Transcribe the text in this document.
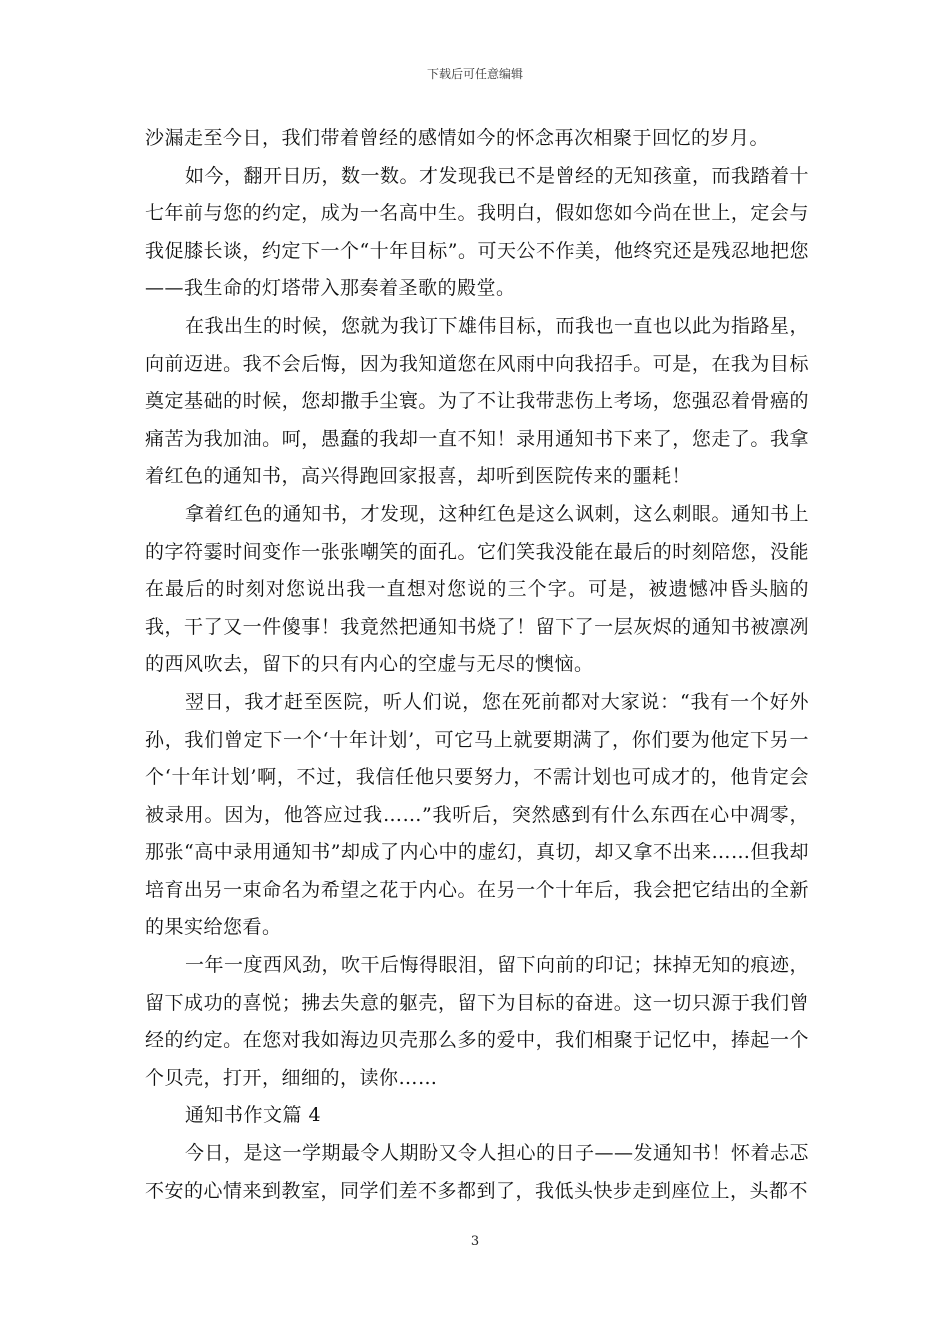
下载后可任意编辑

沙漏走至今日，我们带着曾经的感情如今的怀念再次相聚于回忆的岁月。

如今，翻开日历，数一数。才发现我已不是曾经的无知孩童，而我踏着十七年前与您的约定，成为一名高中生。我明白，假如您如今尚在世上，定会与我促膝长谈，约定下一个“十年目标”。可天公不作美，他终究还是残忍地把您——我生命的灯塔带入那奏着圣歌的殿堂。

在我出生的时候，您就为我订下雄伟目标，而我也一直也以此为指路星，向前迈进。我不会后悔，因为我知道您在风雨中向我招手。可是，在我为目标奠定基础的时候，您却撒手尘寰。为了不让我带悲伤上考场，您强忍着骨癌的痛苦为我加油。呵，愚蠢的我却一直不知！录用通知书下来了，您走了。我拿着红色的通知书，高兴得跑回家报喜，却听到医院传来的噩耗！

拿着红色的通知书，才发现，这种红色是这么讽刺，这么刺眼。通知书上的字符霎时间变作一张张嘲笑的面孔。它们笑我没能在最后的时刻陪您，没能在最后的时刻对您说出我一直想对您说的三个字。可是，被遗憾冲昏头脑的我，干了又一件傻事！我竟然把通知书烧了！留下了一层灰烬的通知书被凛冽的西风吹去，留下的只有内心的空虚与无尽的懊恼。

翌日，我才赶至医院，听人们说，您在死前都对大家说：“我有一个好外孙，我们曾定下一个‘十年计划’，可它马上就要期满了，你们要为他定下另一个‘十年计划’啊，不过，我信任他只要努力，不需计划也可成才的，他肯定会被录用。因为，他答应过我……”我听后，突然感到有什么东西在心中凋零，那张“高中录用通知书”却成了内心中的虚幻，真切，却又拿不出来……但我却培育出另一束命名为希望之花于内心。在另一个十年后，我会把它结出的全新的果实给您看。

一年一度西风劲，吹干后悔得眼泪，留下向前的印记；抹掉无知的痕迹，留下成功的喜悦；拂去失意的躯壳，留下为目标的奋进。这一切只源于我们曾经的约定。在您对我如海边贝壳那么多的爱中，我们相聚于记忆中，捧起一个个贝壳，打开，细细的，读你……

通知书作文篇 4

今日，是这一学期最令人期盼又令人担心的日子——发通知书！怀着忐忑不安的心情来到教室，同学们差不多都到了，我低头快步走到座位上，头都不

3
